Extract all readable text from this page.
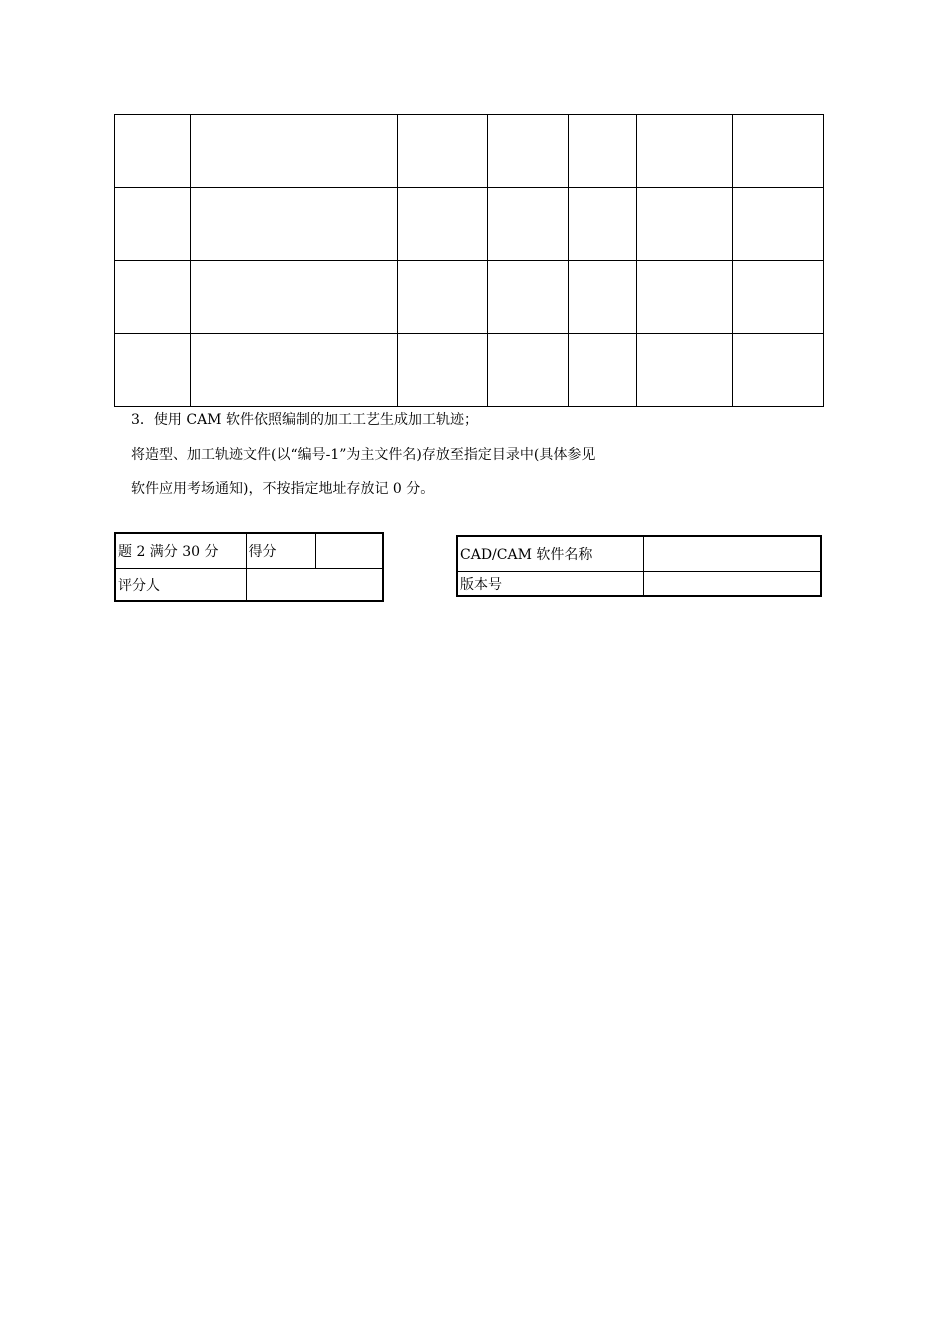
3．使用 CAM 软件依照编制的加工工艺生成加工轨迹；
将造型、加工轨迹文件(以“编号-1”为主文件名)存放至指定目录中(具体参见
软件应用考场通知)，不按指定地址存放记 0 分。
题 2 满分 30 分	得分	
评分人		
CAD/CAM 软件名称	
版本号	
